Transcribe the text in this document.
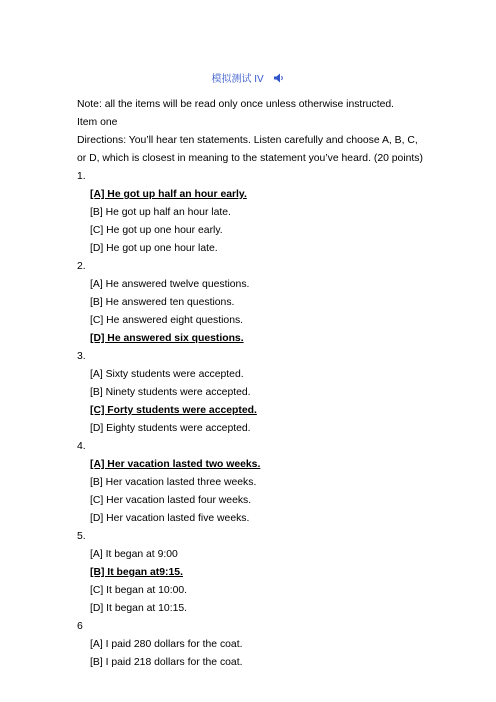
模拟测试 IV
Note: all the items will be read only once unless otherwise instructed.
Item one
Directions: You’ll hear ten statements. Listen carefully and choose A, B, C, or D, which is closest in meaning to the statement you’ve heard. (20 points)
1.
[A] He got up half an hour early.
[B] He got up half an hour late.
[C] He got up one hour early.
[D] He got up one hour late.
2.
[A] He answered twelve questions.
[B] He answered ten questions.
[C] He answered eight questions.
[D] He answered six questions.
3.
[A] Sixty students were accepted.
[B] Ninety students were accepted.
[C] Forty students were accepted.
[D] Eighty students were accepted.
4.
[A] Her vacation lasted two weeks.
[B] Her vacation lasted three weeks.
[C] Her vacation lasted four weeks.
[D] Her vacation lasted five weeks.
5.
[A] It began at 9:00
[B] It began at9:15.
[C] It began at 10:00.
[D] It began at 10:15.
6
[A] I paid 280 dollars for the coat.
[B] I paid 218 dollars for the coat.
